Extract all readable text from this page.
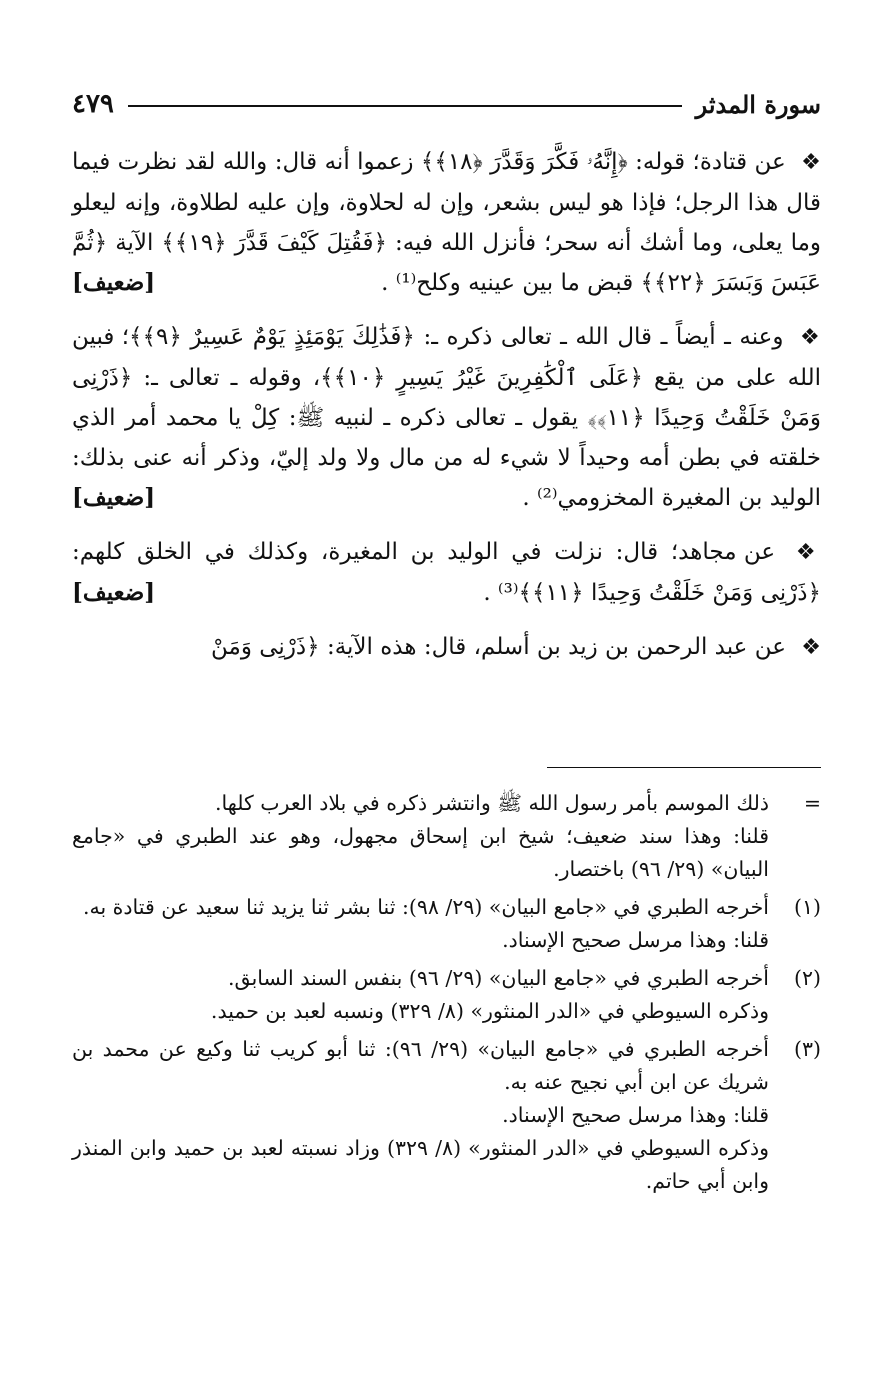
سورة المدثر
٤٧٩

❖ عن قتادة؛ قوله: ﴿إِنَّهُۥ فَكَّرَ وَقَدَّرَ ﴿١٨﴾﴾ زعموا أنه قال: والله لقد نظرت فيما قال هذا الرجل؛ فإذا هو ليس بشعر، وإن له لحلاوة، وإن عليه لطلاوة، وإنه ليعلو وما يعلى، وما أشك أنه سحر؛ فأنزل الله فيه: ﴿فَقُتِلَ كَيْفَ قَدَّرَ ﴿١٩﴾﴾ الآية ﴿ثُمَّ عَبَسَ وَبَسَرَ ﴿٢٢﴾﴾ قبض ما بين عينيه وكلح⁽¹⁾ .
[ضعيف]

❖ وعنه ـ أيضاً ـ قال الله ـ تعالى ذكره ـ: ﴿فَذَٰلِكَ يَوْمَئِذٍ يَوْمٌ عَسِيرٌ ﴿٩﴾﴾؛ فبين الله على من يقع ﴿عَلَى ٱلْكَٰفِرِينَ غَيْرُ يَسِيرٍ ﴿١٠﴾﴾، وقوله ـ تعالى ـ: ﴿ذَرْنِى وَمَنْ خَلَقْتُ وَحِيدًا ﴿١١﴾﴾ يقول ـ تعالى ذكره ـ لنبيه ﷺ: كِلْ يا محمد أمر الذي خلقته في بطن أمه وحيداً لا شيء له من مال ولا ولد إليّ، وذكر أنه عنى بذلك: الوليد بن المغيرة المخزومي⁽²⁾ .
[ضعيف]

❖ عن مجاهد؛ قال: نزلت في الوليد بن المغيرة، وكذلك في الخلق كلهم: ﴿ذَرْنِى وَمَنْ خَلَقْتُ وَحِيدًا ﴿١١﴾﴾⁽³⁾ .
[ضعيف]

❖ عن عبد الرحمن بن زيد بن أسلم، قال: هذه الآية: ﴿ذَرْنِى وَمَنْ

=
ذلك الموسم بأمر رسول الله ﷺ وانتشر ذكره في بلاد العرب كلها.
قلنا: وهذا سند ضعيف؛ شيخ ابن إسحاق مجهول، وهو عند الطبري في «جامع البيان» (٢٩/ ٩٦) باختصار.
(١)
أخرجه الطبري في «جامع البيان» (٢٩/ ٩٨): ثنا بشر ثنا يزيد ثنا سعيد عن قتادة به.
قلنا: وهذا مرسل صحيح الإسناد.
(٢)
أخرجه الطبري في «جامع البيان» (٢٩/ ٩٦) بنفس السند السابق.
وذكره السيوطي في «الدر المنثور» (٨/ ٣٢٩) ونسبه لعبد بن حميد.
(٣)
أخرجه الطبري في «جامع البيان» (٢٩/ ٩٦): ثنا أبو كريب ثنا وكيع عن محمد بن شريك عن ابن أبي نجيح عنه به.
قلنا: وهذا مرسل صحيح الإسناد.
وذكره السيوطي في «الدر المنثور» (٨/ ٣٢٩) وزاد نسبته لعبد بن حميد وابن المنذر وابن أبي حاتم.
